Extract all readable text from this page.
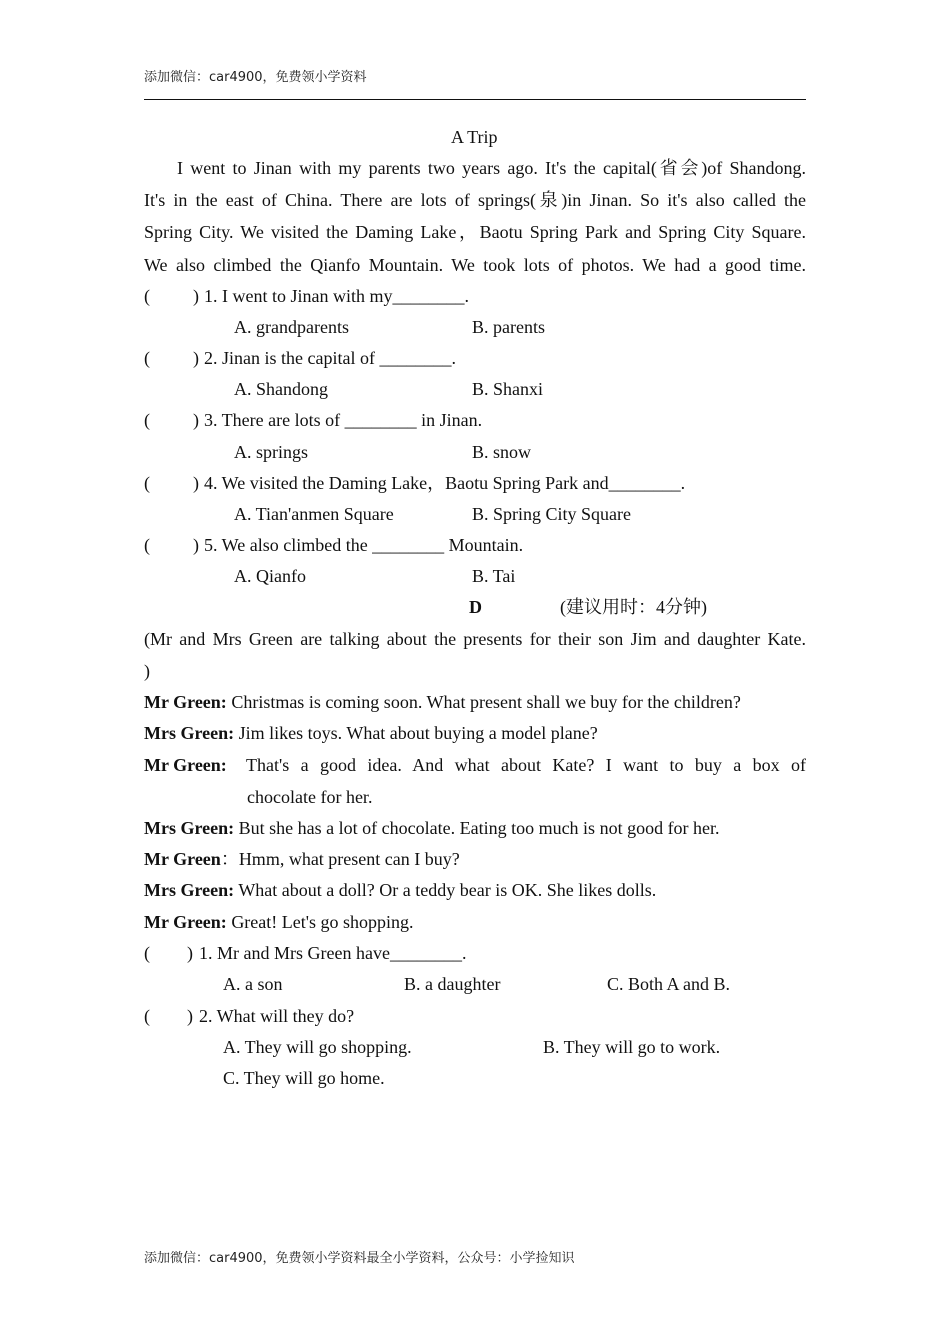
添加微信：car4900，免费领小学资料
A Trip
I went to Jinan with my parents two years ago. It's the capital(省会)of Shandong.
It's in the east of China. There are lots of springs(泉)in Jinan. So it's also called the
Spring City. We visited the Daming Lake，Baotu Spring Park and Spring City Square.
We also climbed the Qianfo Mountain. We took lots of photos. We had a good time.
( ) 1. I went to Jinan with my________.
A. grandparents	B. parents
( ) 2. Jinan is the capital of ________.
A. Shandong	B. Shanxi
( ) 3. There are lots of ________ in Jinan.
A. springs	B. snow
( ) 4. We visited the Daming Lake，Baotu Spring Park and________.
A. Tian'anmen Square	B. Spring City Square
( ) 5. We also climbed the ________ Mountain.
A. Qianfo	B. Tai
D	(建议用时：4分钟)
(Mr and Mrs Green are talking about the presents for their son Jim and daughter Kate.
)
Mr Green: Christmas is coming soon. What present shall we buy for the children?
Mrs Green: Jim likes toys. What about buying a model plane?
Mr Green: That's a good idea. And what about Kate? I want to buy a box of
chocolate for her.
Mrs Green: But she has a lot of chocolate. Eating too much is not good for her.
Mr Green：Hmm, what present can I buy?
Mrs Green: What about a doll? Or a teddy bear is OK. She likes dolls.
Mr Green: Great! Let's go shopping.
( ) 1. Mr and Mrs Green have________.
A. a son	B. a daughter	C. Both A and B.
( ) 2. What will they do?
A. They will go shopping.	B. They will go to work.
C. They will go home.
添加微信：car4900，免费领小学资料最全小学资料，公众号：小学捡知识
